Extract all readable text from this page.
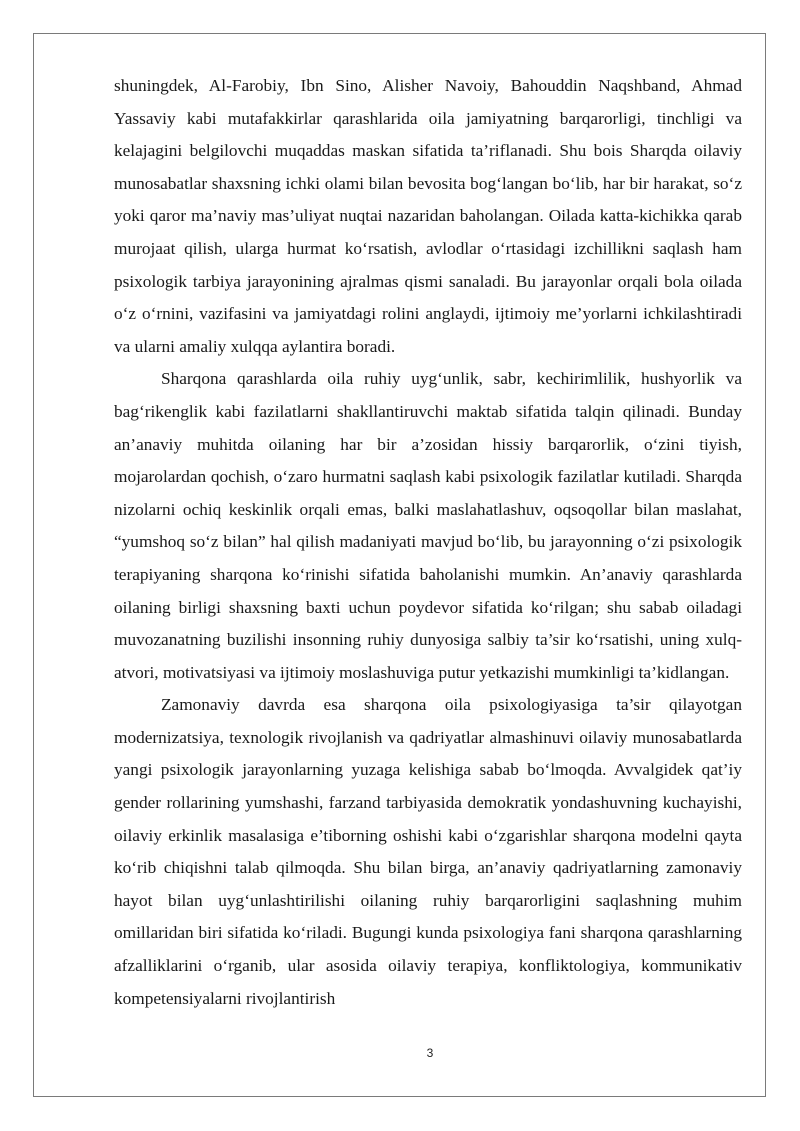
shuningdek, Al-Farobiy, Ibn Sino, Alisher Navoiy, Bahouddin Naqshband, Ahmad Yassaviy kabi mutafakkirlar qarashlarida oila jamiyatning barqarorligi, tinchligi va kelajagini belgilovchi muqaddas maskan sifatida ta’riflanadi. Shu bois Sharqda oilaviy munosabatlar shaxsning ichki olami bilan bevosita bog‘langan bo‘lib, har bir harakat, so‘z yoki qaror ma’naviy mas’uliyat nuqtai nazaridan baholangan. Oilada katta-kichikka qarab murojaat qilish, ularga hurmat ko‘rsatish, avlodlar o‘rtasidagi izchillikni saqlash ham psixologik tarbiya jarayonining ajralmas qismi sanaladi. Bu jarayonlar orqali bola oilada o‘z o‘rnini, vazifasini va jamiyatdagi rolini anglaydi, ijtimoiy me’yorlarni ichkilashtiradi va ularni amaliy xulqqa aylantira boradi.

Sharqona qarashlarda oila ruhiy uyg‘unlik, sabr, kechirimlilik, hushyorlik va bag‘rikenglik kabi fazilatlarni shakllantiruvchi maktab sifatida talqin qilinadi. Bunday an’anaviy muhitda oilaning har bir a’zosidan hissiy barqarorlik, o‘zini tiyish, mojarolardan qochish, o‘zaro hurmatni saqlash kabi psixologik fazilatlar kutiladi. Sharqda nizolarni ochiq keskinlik orqali emas, balki maslahatlashuv, oqsoqollar bilan maslahat, “yumshoq so‘z bilan” hal qilish madaniyati mavjud bo‘lib, bu jarayonning o‘zi psixologik terapiyaning sharqona ko‘rinishi sifatida baholanishi mumkin. An’anaviy qarashlarda oilaning birligi shaxsning baxti uchun poydevor sifatida ko‘rilgan; shu sabab oiladagi muvozanatning buzilishi insonning ruhiy dunyosiga salbiy ta’sir ko‘rsatishi, uning xulq-atvori, motivatsiyasi va ijtimoiy moslashuviga putur yetkazishi mumkinligi ta’kidlangan.

Zamonaviy davrda esa sharqona oila psixologiyasiga ta’sir qilayotgan modernizatsiya, texnologik rivojlanish va qadriyatlar almashinuvi oilaviy munosabatlarda yangi psixologik jarayonlarning yuzaga kelishiga sabab bo‘lmoqda. Avvalgidek qat’iy gender rollarining yumshashi, farzand tarbiyasida demokratik yondashuvning kuchayishi, oilaviy erkinlik masalasiga e’tiborning oshishi kabi o‘zgarishlar sharqona modelni qayta ko‘rib chiqishni talab qilmoqda. Shu bilan birga, an’anaviy qadriyatlarning zamonaviy hayot bilan uyg‘unlashtirilishi oilaning ruhiy barqarorligini saqlashning muhim omillaridan biri sifatida ko‘riladi. Bugungi kunda psixologiya fani sharqona qarashlarning afzalliklarini o‘rganib, ular asosida oilaviy terapiya, konfliktologiya, kommunikativ kompetensiyalarni rivojlantirish

3
